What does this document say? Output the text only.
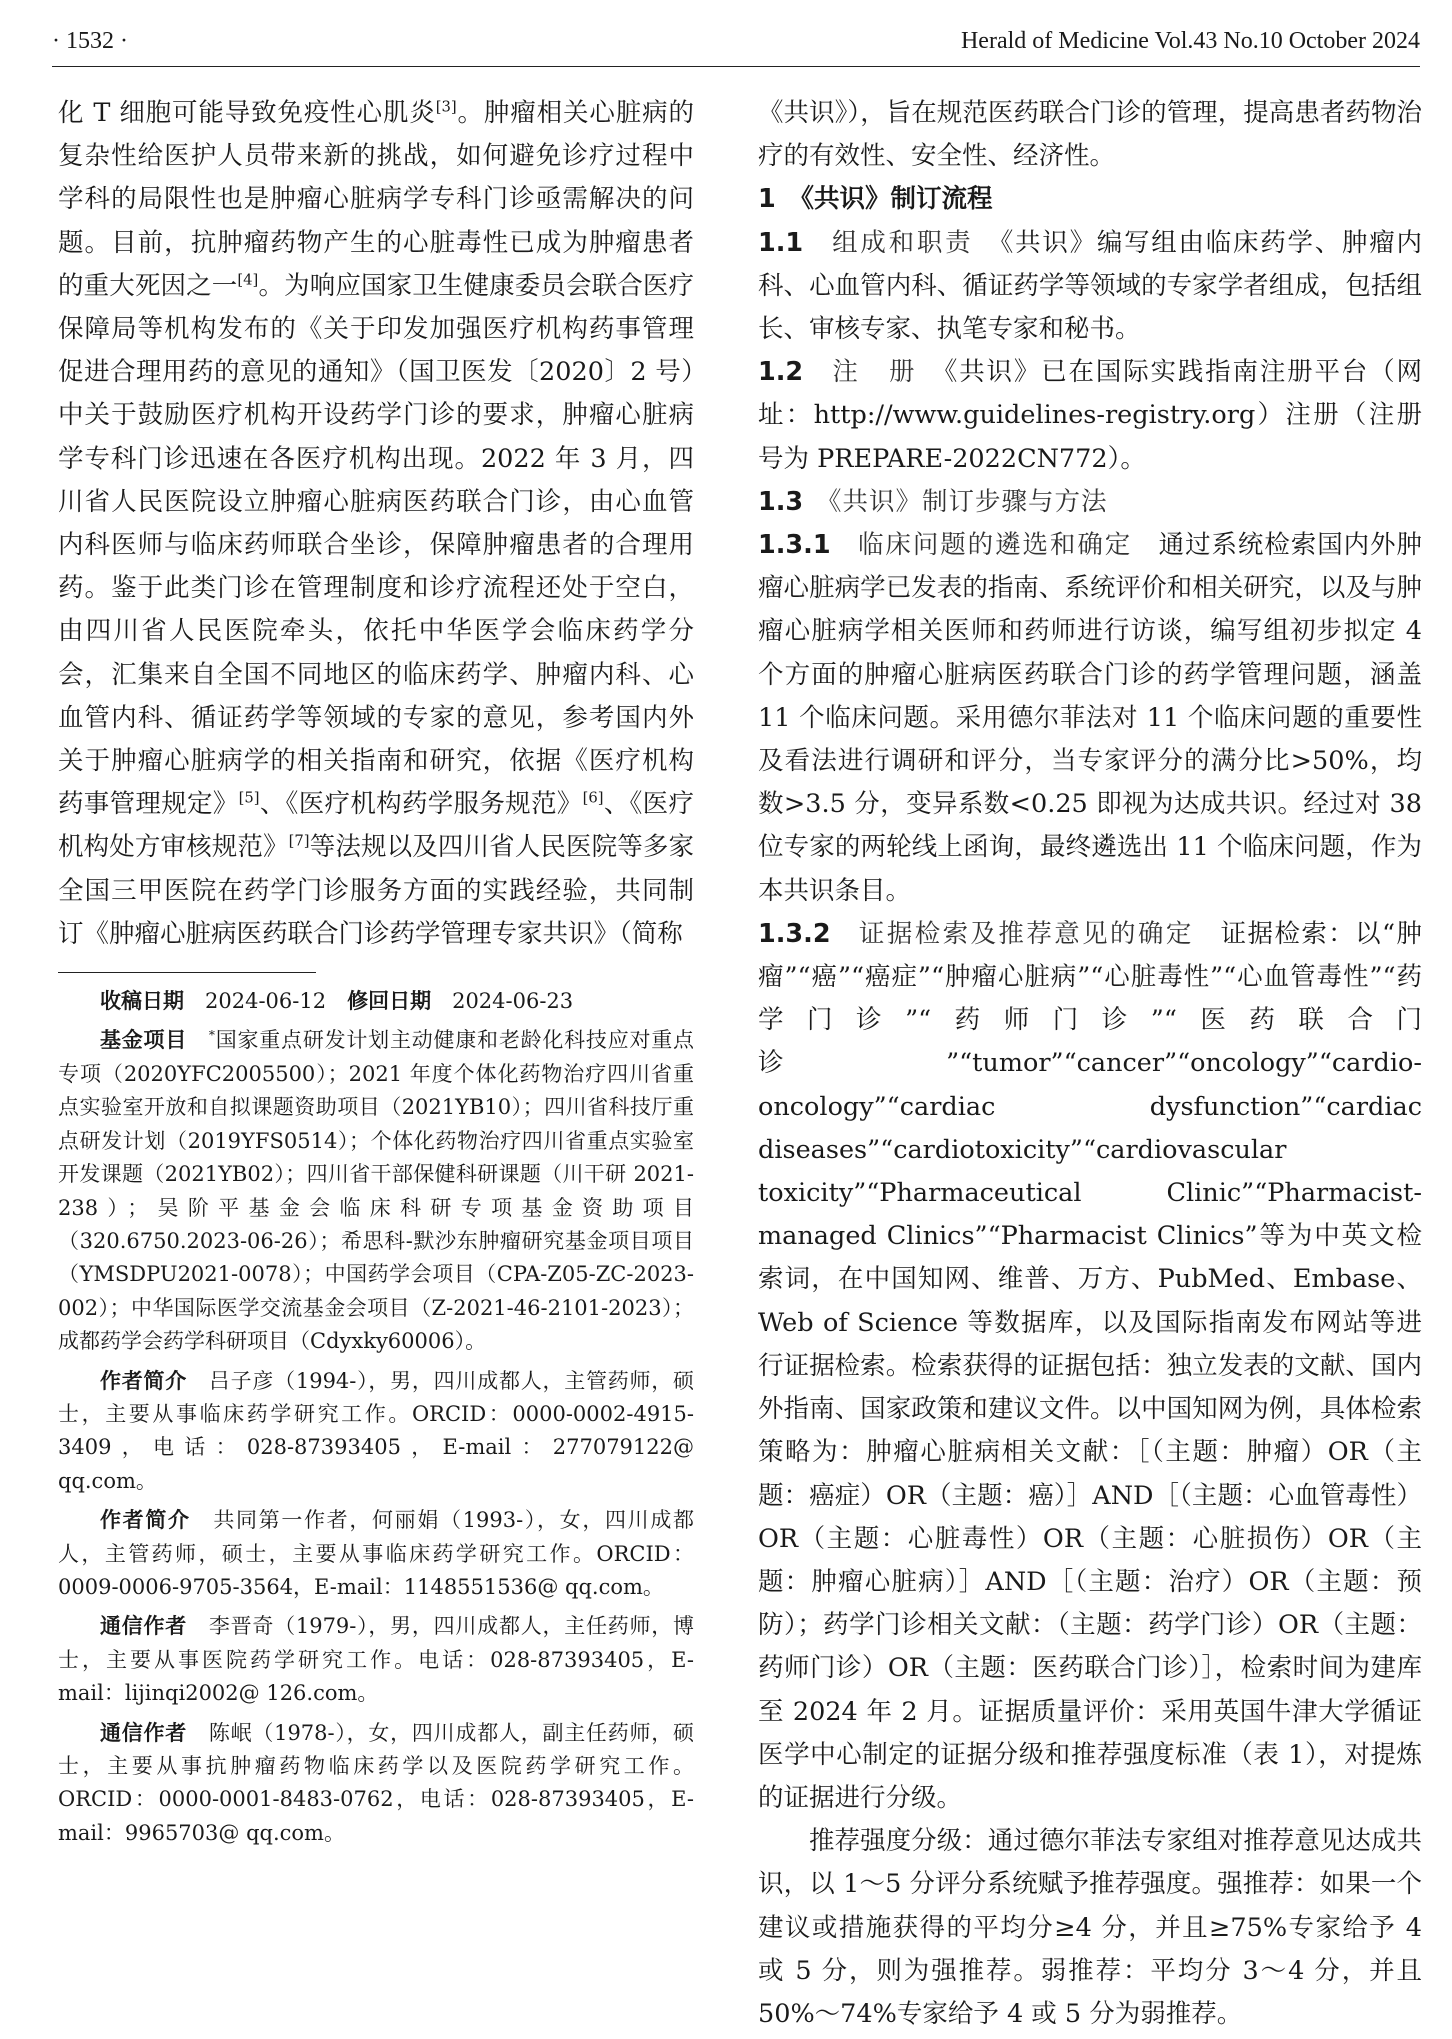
· 1532 ·	Herald of Medicine Vol.43 No.10 October 2024

化 T 细胞可能导致免疫性心肌炎[3]。肿瘤相关心脏病的复杂性给医护人员带来新的挑战，如何避免诊疗过程中学科的局限性也是肿瘤心脏病学专科门诊亟需解决的问题。目前，抗肿瘤药物产生的心脏毒性已成为肿瘤患者的重大死因之一[4]。为响应国家卫生健康委员会联合医疗保障局等机构发布的《关于印发加强医疗机构药事管理促进合理用药的意见的通知》（国卫医发〔2020〕2 号）中关于鼓励医疗机构开设药学门诊的要求，肿瘤心脏病学专科门诊迅速在各医疗机构出现。2022 年 3 月，四川省人民医院设立肿瘤心脏病医药联合门诊，由心血管内科医师与临床药师联合坐诊，保障肿瘤患者的合理用药。鉴于此类门诊在管理制度和诊疗流程还处于空白，由四川省人民医院牵头，依托中华医学会临床药学分会，汇集来自全国不同地区的临床药学、肿瘤内科、心血管内科、循证药学等领域的专家的意见，参考国内外关于肿瘤心脏病学的相关指南和研究，依据《医疗机构药事管理规定》[5]、《医疗机构药学服务规范》[6]、《医疗机构处方审核规范》[7]等法规以及四川省人民医院等多家全国三甲医院在药学门诊服务方面的实践经验，共同制订《肿瘤心脏病医药联合门诊药学管理专家共识》（简称

收稿日期　 2024-06-12　 修回日期　 2024-06-23

基金项目　 *国家重点研发计划主动健康和老龄化科技应对重点专项（2020YFC2005500）；2021 年度个体化药物治疗四川省重点实验室开放和自拟课题资助项目（2021YB10）；四川省科技厅重点研发计划（2019YFS0514）；个体化药物治疗四川省重点实验室开发课题（2021YB02）；四川省干部保健科研课题（川干研 2021-238）；吴阶平基金会临床科研专项基金资助项目（320.6750.2023-06-26）；希思科-默沙东肿瘤研究基金项目项目（YMSDPU2021-0078）；中国药学会项目（CPA-Z05-ZC-2023-002）；中华国际医学交流基金会项目（Z-2021-46-2101-2023）；成都药学会药学科研项目（Cdyxky60006）。

作者简介　 吕子彦（1994-），男，四川成都人，主管药师，硕士，主要从事临床药学研究工作。ORCID：0000-0002-4915-3409，电话：028-87393405，E-mail：277079122@ qq.com。

作者简介　 共同第一作者，何丽娟（1993-），女，四川成都人，主管药师，硕士，主要从事临床药学研究工作。ORCID：0009-0006-9705-3564，E-mail：1148551536@ qq.com。

通信作者　 李晋奇（1979-），男，四川成都人，主任药师，博士，主要从事医院药学研究工作。电话：028-87393405，E-mail：lijinqi2002@ 126.com。

通信作者　 陈岷（1978-），女，四川成都人，副主任药师，硕士，主要从事抗肿瘤药物临床药学以及医院药学研究工作。ORCID：0000-0001-8483-0762，电话：028-87393405，E-mail：9965703@ qq.com。

《共识》），旨在规范医药联合门诊的管理，提高患者药物治疗的有效性、安全性、经济性。

1　《共识》制订流程

1.1　 组成和职责　 《共识》编写组由临床药学、肿瘤内科、心血管内科、循证药学等领域的专家学者组成，包括组长、审核专家、执笔专家和秘书。

1.2　 注　册　 《共识》已在国际实践指南注册平台（网址：http://www.guidelines-registry.org）注册（注册号为 PREPARE-2022CN772）。

1.3　 《共识》制订步骤与方法

1.3.1　 临床问题的遴选和确定　 通过系统检索国内外肿瘤心脏病学已发表的指南、系统评价和相关研究，以及与肿瘤心脏病学相关医师和药师进行访谈，编写组初步拟定 4 个方面的肿瘤心脏病医药联合门诊的药学管理问题，涵盖 11 个临床问题。采用德尔菲法对 11 个临床问题的重要性及看法进行调研和评分，当专家评分的满分比>50%，均数>3.5 分，变异系数<0.25 即视为达成共识。经过对 38 位专家的两轮线上函询，最终遴选出 11 个临床问题，作为本共识条目。

1.3.2　 证据检索及推荐意见的确定　 证据检索：以“肿瘤”“癌”“癌症”“肿瘤心脏病”“心脏毒性”“心血管毒性”“药学门诊”“药师门诊”“医药联合门诊”“tumor”“cancer”“oncology”“cardio-oncology”“cardiac dysfunction”“cardiac diseases”“cardiotoxicity”“cardiovascular toxicity”“Pharmaceutical Clinic”“Pharmacist-managed Clinics”“Pharmacist Clinics”等为中英文检索词，在中国知网、维普、万方、PubMed、Embase、Web of Science 等数据库，以及国际指南发布网站等进行证据检索。检索获得的证据包括：独立发表的文献、国内外指南、国家政策和建议文件。以中国知网为例，具体检索策略为：肿瘤心脏病相关文献：［（主题：肿瘤）OR（主题：癌症）OR（主题：癌）］AND［（主题：心血管毒性）OR（主题：心脏毒性）OR（主题：心脏损伤）OR（主题：肿瘤心脏病）］AND［（主题：治疗）OR（主题：预防）；药学门诊相关文献：（主题：药学门诊）OR（主题：药师门诊）OR（主题：医药联合门诊）］，检索时间为建库至 2024 年 2 月。证据质量评价：采用英国牛津大学循证医学中心制定的证据分级和推荐强度标准（表 1），对提炼的证据进行分级。

推荐强度分级：通过德尔菲法专家组对推荐意见达成共识，以 1～5 分评分系统赋予推荐强度。强推荐：如果一个建议或措施获得的平均分≥4 分，并且≥75%专家给予 4 或 5 分，则为强推荐。弱推荐：平均分 3～4 分，并且 50%～74%专家给予 4 或 5 分为弱推荐。
